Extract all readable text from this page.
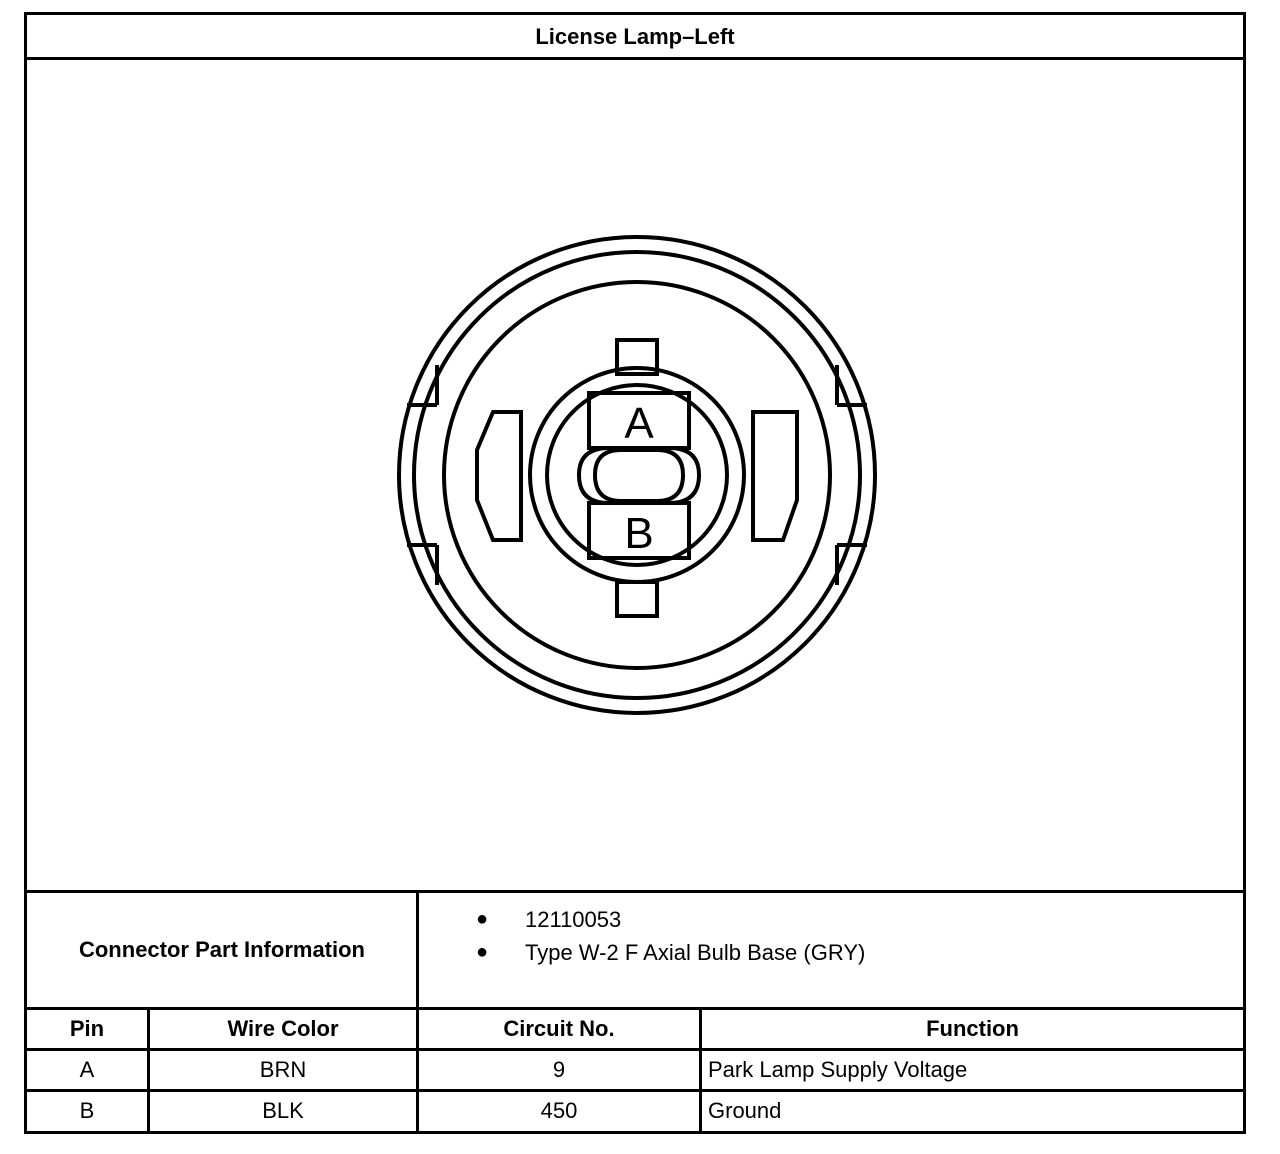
License Lamp–Left
A
B
Connector Part Information
● 12110053
● Type W-2 F Axial Bulb Base (GRY)
Pin	Wire Color	Circuit No.	Function
A	BRN	9	Park Lamp Supply Voltage
B	BLK	450	Ground
